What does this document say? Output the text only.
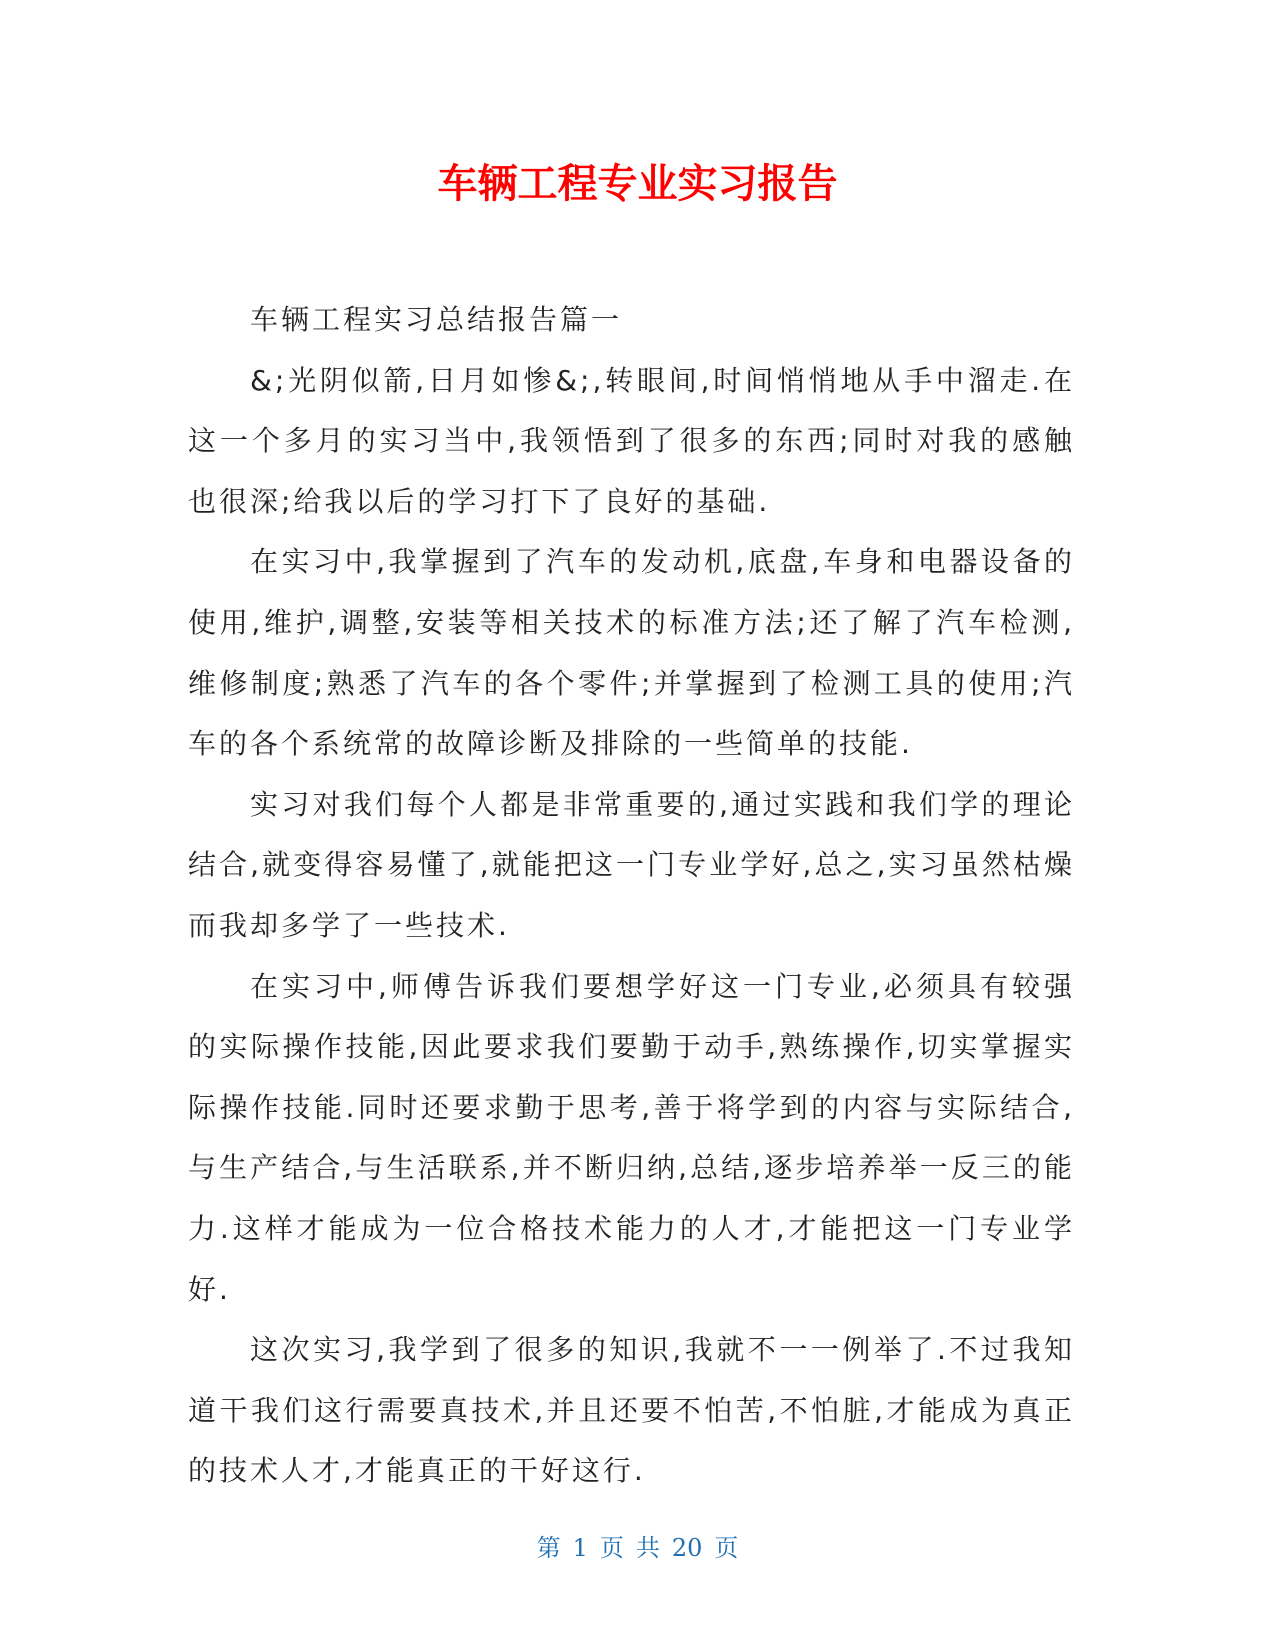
车辆工程专业实习报告

车辆工程实习总结报告篇一

&;光阴似箭,日月如惨&;,转眼间,时间悄悄地从手中溜走.在这一个多月的实习当中,我领悟到了很多的东西;同时对我的感触也很深;给我以后的学习打下了良好的基础.

在实习中,我掌握到了汽车的发动机,底盘,车身和电器设备的使用,维护,调整,安装等相关技术的标准方法;还了解了汽车检测,维修制度;熟悉了汽车的各个零件;并掌握到了检测工具的使用;汽车的各个系统常的故障诊断及排除的一些简单的技能.

实习对我们每个人都是非常重要的,通过实践和我们学的理论结合,就变得容易懂了,就能把这一门专业学好,总之,实习虽然枯燥而我却多学了一些技术.

在实习中,师傅告诉我们要想学好这一门专业,必须具有较强的实际操作技能,因此要求我们要勤于动手,熟练操作,切实掌握实际操作技能.同时还要求勤于思考,善于将学到的内容与实际结合,与生产结合,与生活联系,并不断归纳,总结,逐步培养举一反三的能力.这样才能成为一位合格技术能力的人才,才能把这一门专业学好.

这次实习,我学到了很多的知识,我就不一一例举了.不过我知道干我们这行需要真技术,并且还要不怕苦,不怕脏,才能成为真正的技术人才,才能真正的干好这行.

第 1 页 共 20 页
